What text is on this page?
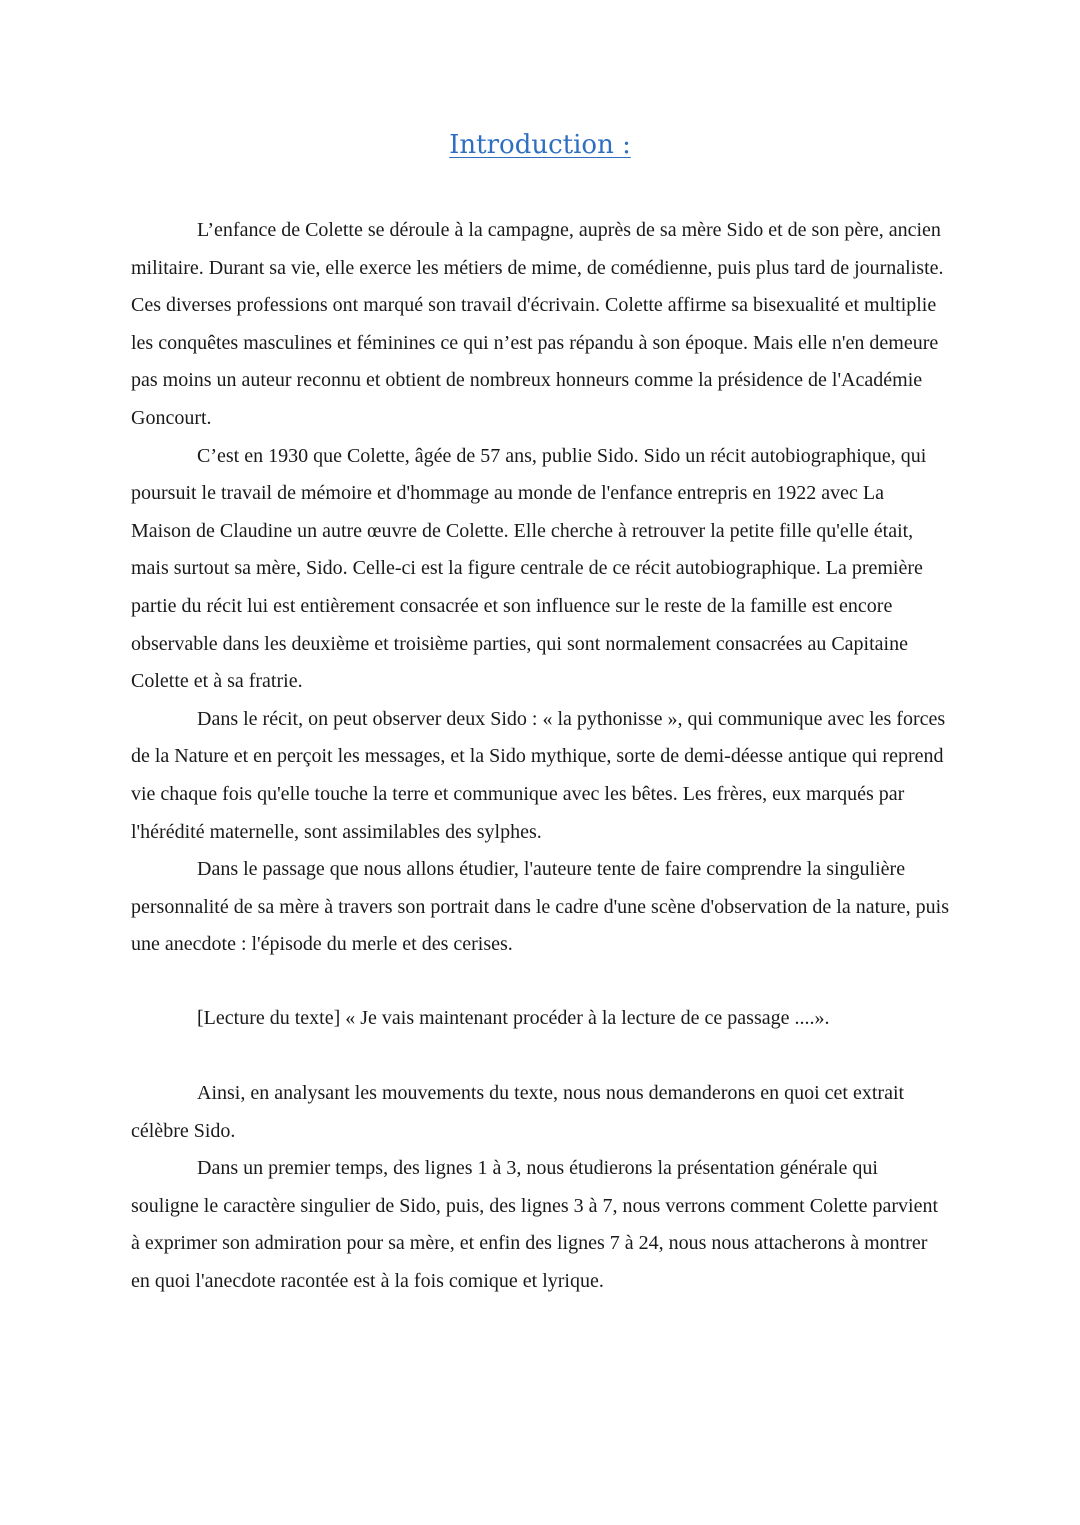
Introduction :

L’enfance de Colette se déroule à la campagne, auprès de sa mère Sido et de son père, ancien militaire. Durant sa vie, elle exerce les métiers de mime, de comédienne, puis plus tard de journaliste. Ces diverses professions ont marqué son travail d'écrivain. Colette affirme sa bisexualité et multiplie les conquêtes masculines et féminines ce qui n’est pas répandu à son époque. Mais elle n'en demeure pas moins un auteur reconnu et obtient de nombreux honneurs comme la présidence de l'Académie Goncourt.

C’est en 1930 que Colette, âgée de 57 ans, publie Sido. Sido un récit autobiographique, qui poursuit le travail de mémoire et d'hommage au monde de l'enfance entrepris en 1922 avec La Maison de Claudine un autre œuvre de Colette. Elle cherche à retrouver la petite fille qu'elle était, mais surtout sa mère, Sido. Celle-ci est la figure centrale de ce récit autobiographique. La première partie du récit lui est entièrement consacrée et son influence sur le reste de la famille est encore observable dans les deuxième et troisième parties, qui sont normalement consacrées au Capitaine Colette et à sa fratrie.

Dans le récit, on peut observer deux Sido : « la pythonisse », qui communique avec les forces de la Nature et en perçoit les messages, et la Sido mythique, sorte de demi-déesse antique qui reprend vie chaque fois qu'elle touche la terre et communique avec les bêtes. Les frères, eux marqués par l'hérédité maternelle, sont assimilables des sylphes.

Dans le passage que nous allons étudier, l'auteure tente de faire comprendre la singulière personnalité de sa mère à travers son portrait dans le cadre d'une scène d'observation de la nature, puis une anecdote : l'épisode du merle et des cerises.

[Lecture du texte] « Je vais maintenant procéder à la lecture de ce passage ....».

Ainsi, en analysant les mouvements du texte, nous nous demanderons en quoi cet extrait célèbre Sido.

Dans un premier temps, des lignes 1 à 3, nous étudierons la présentation générale qui souligne le caractère singulier de Sido, puis, des lignes 3 à 7, nous verrons comment Colette parvient à exprimer son admiration pour sa mère, et enfin des lignes 7 à 24, nous nous attacherons à montrer en quoi l'anecdote racontée est à la fois comique et lyrique.
